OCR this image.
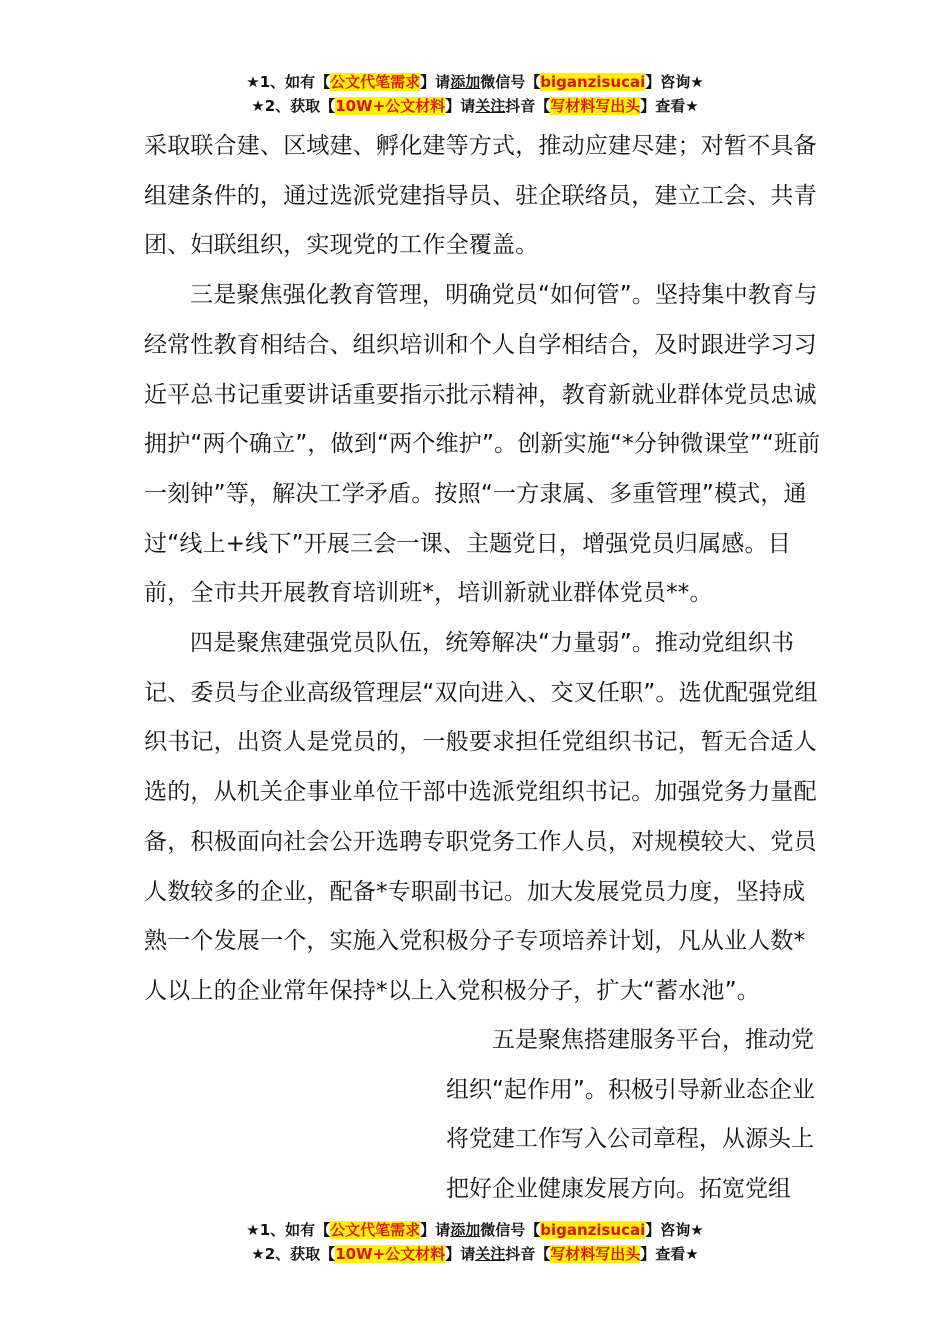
★1、如有【公文代笔需求】请添加微信号【biganzisucai】咨询★
★2、获取【10W+公文材料】请关注抖音【写材料写出头】查看★

采取联合建、区域建、孵化建等方式，推动应建尽建；对暂不具备组建条件的，通过选派党建指导员、驻企联络员，建立工会、共青团、妇联组织，实现党的工作全覆盖。

三是聚焦强化教育管理，明确党员“如何管”。坚持集中教育与经常性教育相结合、组织培训和个人自学相结合，及时跟进学习习近平总书记重要讲话重要指示批示精神，教育新就业群体党员忠诚拥护“两个确立”，做到“两个维护”。创新实施“*分钟微课堂”“班前一刻钟”等，解决工学矛盾。按照“一方隶属、多重管理”模式，通过“线上+线下”开展三会一课、主题党日，增强党员归属感。目前，全市共开展教育培训班*，培训新就业群体党员**。

四是聚焦建强党员队伍，统筹解决“力量弱”。推动党组织书记、委员与企业高级管理层“双向进入、交叉任职”。选优配强党组织书记，出资人是党员的，一般要求担任党组织书记，暂无合适人选的，从机关企事业单位干部中选派党组织书记。加强党务力量配备，积极面向社会公开选聘专职党务工作人员，对规模较大、党员人数较多的企业，配备*专职副书记。加大发展党员力度，坚持成熟一个发展一个，实施入党积极分子专项培养计划，凡从业人数*人以上的企业常年保持*以上入党积极分子，扩大“蓄水池”。

五是聚焦搭建服务平台，推动党组织“起作用”。积极引导新业态企业将党建工作写入公司章程，从源头上把好企业健康发展方向。拓宽党组

★1、如有【公文代笔需求】请添加微信号【biganzisucai】咨询★
★2、获取【10W+公文材料】请关注抖音【写材料写出头】查看★
